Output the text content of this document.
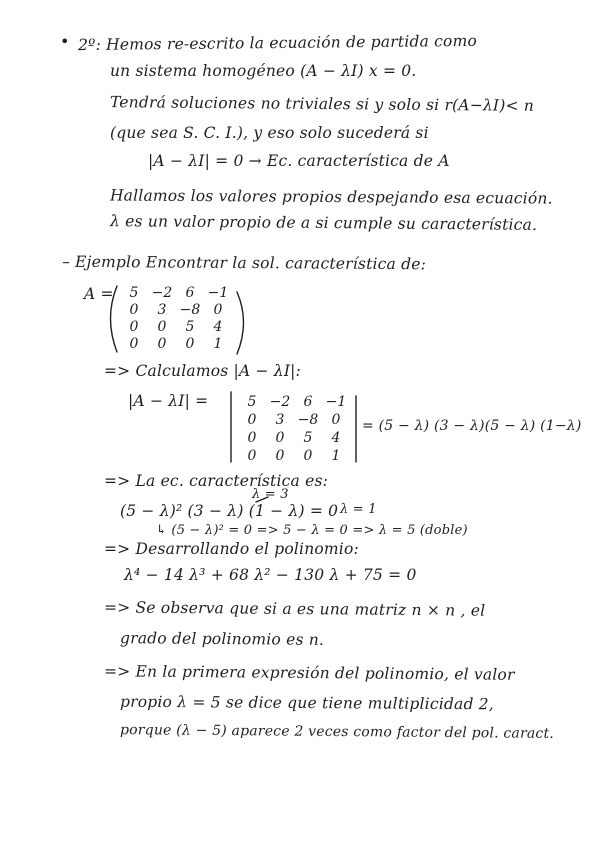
• 2º: Hemos re-escrito la ecuación de partida como
un sistema homogéneo (A − λI) x = 0.
Tendrá soluciones no triviales si y solo si r(A−λI)< n
(que sea S. C. I.), y eso solo sucederá si
|A − λI| = 0 → Ec. característica de A
Hallamos los valores propios despejando esa ecuación.
λ es un valor propio de a si cumple su característica.
– Ejemplo Encontrar la sol. característica de:
A =	5 −2 6 −1
0	3 −8 0
0	0	5	4
0	0	0	1
=> Calculamos |A − λI|:
|A − λI| =	5 −2 6 −1
0	3 −8 0
0	0	5	4
0	0	0	1
= (5 − λ) (3 − λ)(5 − λ) (1−λ)
=> La ec. característica es:
λ = 3
(5 − λ)² (3 − λ) (1 − λ) = 0 λ = 1
↳ (5 − λ)² = 0 => 5 − λ = 0 => λ = 5 (doble)
=> Desarrollando el polinomio:
λ⁴ − 14 λ³ + 68 λ² − 130 λ + 75 = 0
=> Se observa que si a es una matriz n × n , el
grado del polinomio es n.
=> En la primera expresión del polinomio, el valor
propio λ = 5 se dice que tiene multiplicidad 2,
porque (λ − 5) aparece 2 veces como factor del pol. caract.
